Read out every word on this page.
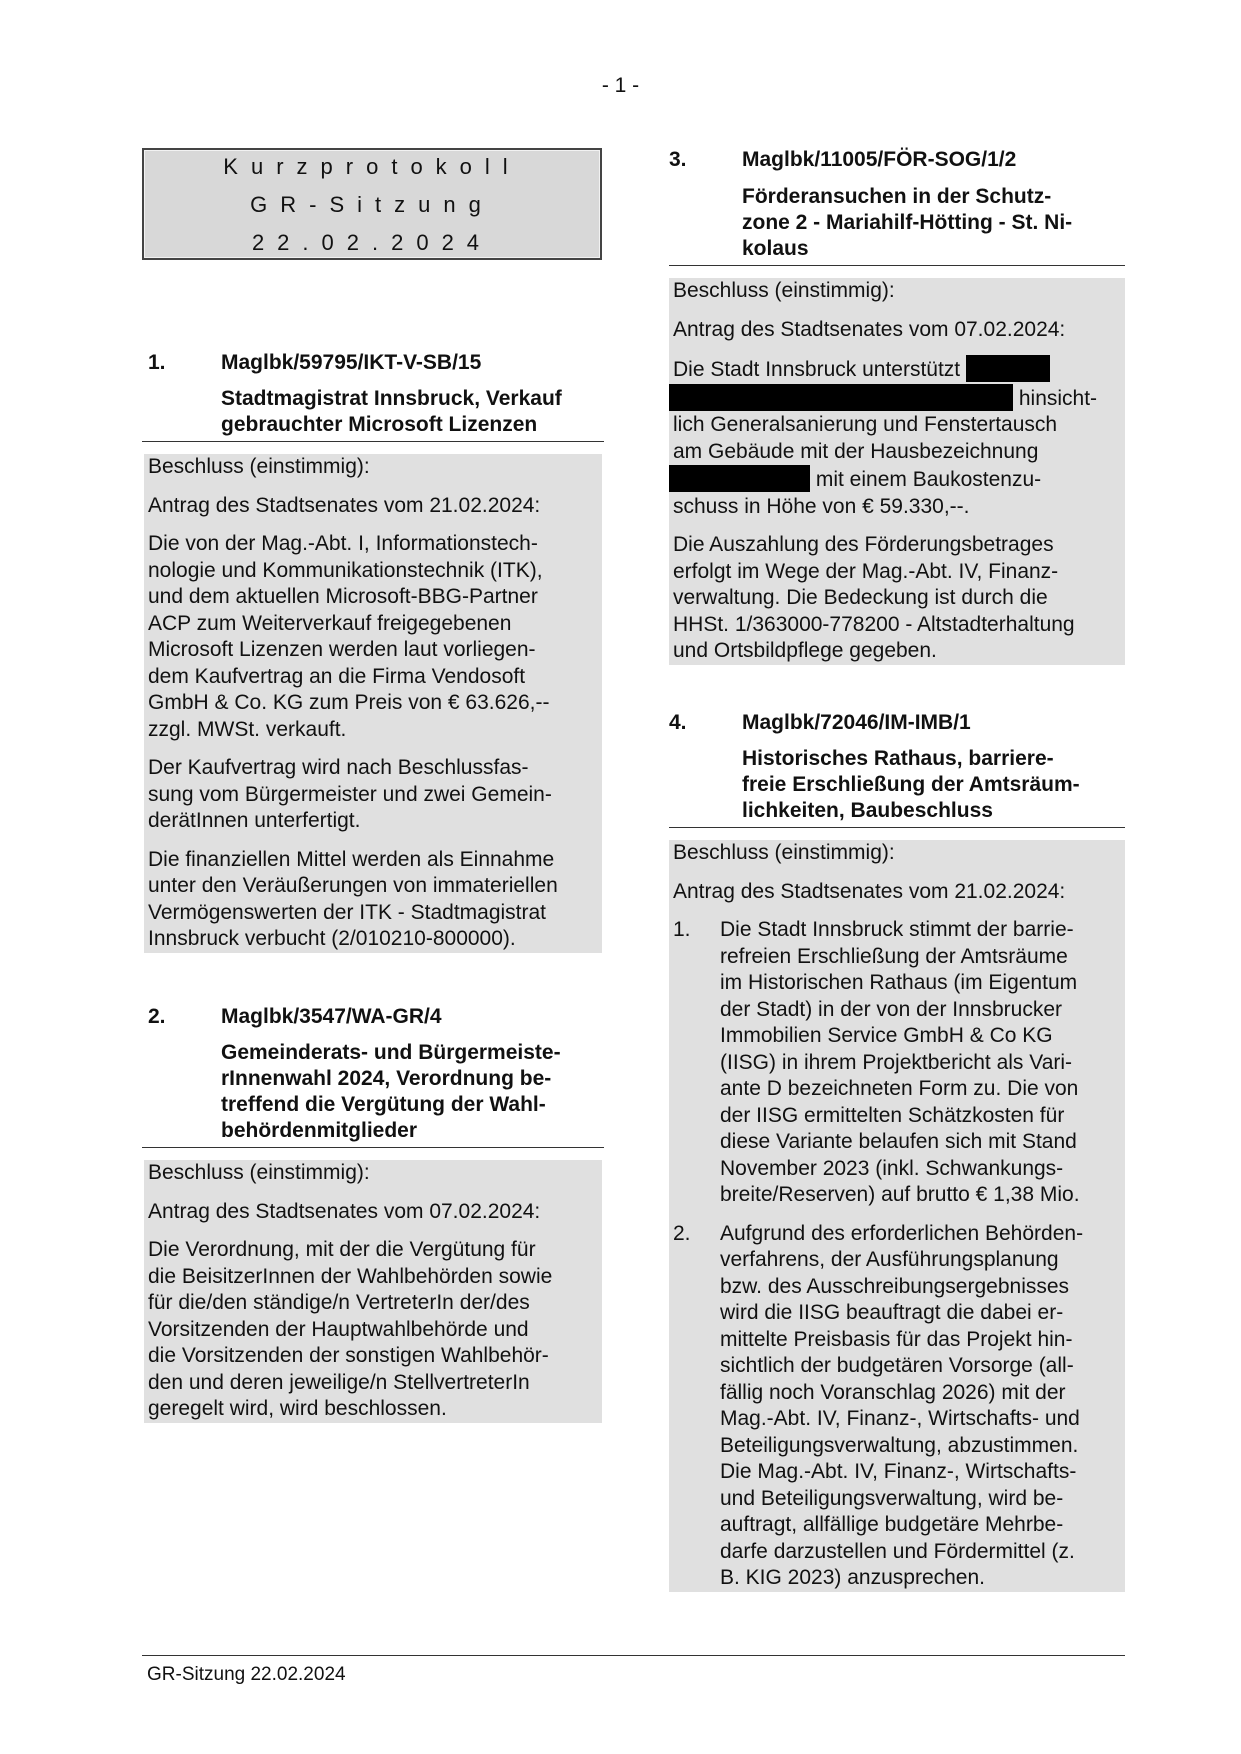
- 1 -
Kurzprotokoll
GR-Sitzung
22.02.2024
1.	Maglbk/59795/IKT-V-SB/15
Stadtmagistrat Innsbruck, Verkauf
gebrauchter Microsoft Lizenzen

Beschluss (einstimmig):

Antrag des Stadtsenates vom 21.02.2024:

Die von der Mag.-Abt. I, Informationstech-
nologie und Kommunikationstechnik (ITK),
und dem aktuellen Microsoft-BBG-Partner
ACP zum Weiterverkauf freigegebenen
Microsoft Lizenzen werden laut vorliegen-
dem Kaufvertrag an die Firma Vendosoft
GmbH & Co. KG zum Preis von € 63.626,--
zzgl. MWSt. verkauft.

Der Kaufvertrag wird nach Beschlussfas-
sung vom Bürgermeister und zwei Gemein-
derätInnen unterfertigt.

Die finanziellen Mittel werden als Einnahme
unter den Veräußerungen von immateriellen
Vermögenswerten der ITK - Stadtmagistrat
Innsbruck verbucht (2/010210-800000).

2.	Maglbk/3547/WA-GR/4
Gemeinderats- und Bürgermeiste-
rInnenwahl 2024, Verordnung be-
treffend die Vergütung der Wahl-
behördenmitglieder

Beschluss (einstimmig):

Antrag des Stadtsenates vom 07.02.2024:

Die Verordnung, mit der die Vergütung für
die BeisitzerInnen der Wahlbehörden sowie
für die/den ständige/n VertreterIn der/des
Vorsitzenden der Hauptwahlbehörde und
die Vorsitzenden der sonstigen Wahlbehör-
den und deren jeweilige/n StellvertreterIn
geregelt wird, wird beschlossen.

3.	Maglbk/11005/FÖR-SOG/1/2
Förderansuchen in der Schutz-
zone 2 - Mariahilf-Hötting - St. Ni-
kolaus

Beschluss (einstimmig):

Antrag des Stadtsenates vom 07.02.2024:

Die Stadt Innsbruck unterstützt
hinsicht-
lich Generalsanierung und Fenstertausch
am Gebäude mit der Hausbezeichnung
mit einem Baukostenzu-
schuss in Höhe von € 59.330,--.

Die Auszahlung des Förderungsbetrages
erfolgt im Wege der Mag.-Abt. IV, Finanz-
verwaltung. Die Bedeckung ist durch die
HHSt. 1/363000-778200 - Altstadterhaltung
und Ortsbildpflege gegeben.

4.	Maglbk/72046/IM-IMB/1
Historisches Rathaus, barriere-
freie Erschließung der Amtsräum-
lichkeiten, Baubeschluss

Beschluss (einstimmig):

Antrag des Stadtsenates vom 21.02.2024:

1. Die Stadt Innsbruck stimmt der barrie-
refreien Erschließung der Amtsräume
im Historischen Rathaus (im Eigentum
der Stadt) in der von der Innsbrucker
Immobilien Service GmbH & Co KG
(IISG) in ihrem Projektbericht als Vari-
ante D bezeichneten Form zu. Die von
der IISG ermittelten Schätzkosten für
diese Variante belaufen sich mit Stand
November 2023 (inkl. Schwankungs-
breite/Reserven) auf brutto € 1,38 Mio.
2. Aufgrund des erforderlichen Behörden-
verfahrens, der Ausführungsplanung
bzw. des Ausschreibungsergebnisses
wird die IISG beauftragt die dabei er-
mittelte Preisbasis für das Projekt hin-
sichtlich der budgetären Vorsorge (all-
fällig noch Voranschlag 2026) mit der
Mag.-Abt. IV, Finanz-, Wirtschafts- und
Beteiligungsverwaltung, abzustimmen.
Die Mag.-Abt. IV, Finanz-, Wirtschafts-
und Beteiligungsverwaltung, wird be-
auftragt, allfällige budgetäre Mehrbe-
darfe darzustellen und Fördermittel (z.
B. KIG 2023) anzusprechen.
GR-Sitzung 22.02.2024
